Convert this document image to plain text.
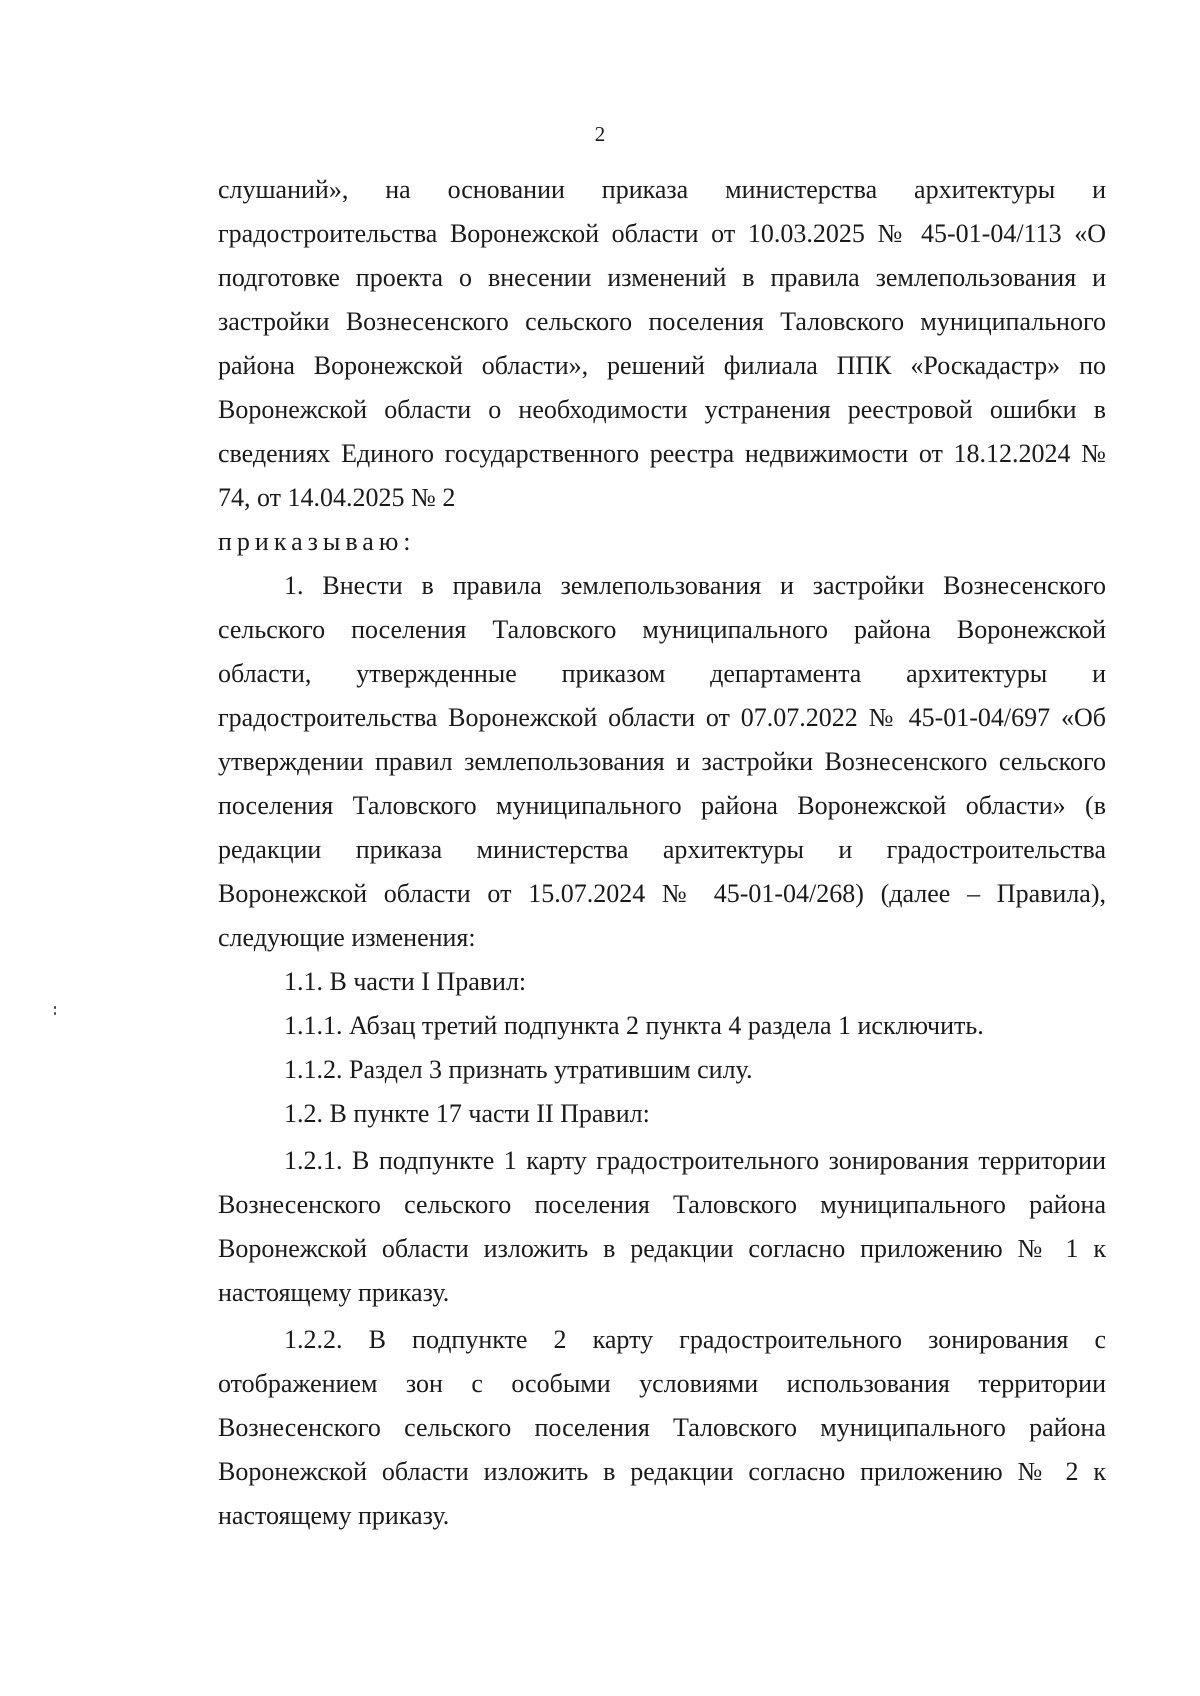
2

слушаний», на основании приказа министерства архитектуры и градостроительства Воронежской области от 10.03.2025 № 45-01-04/113 «О подготовке проекта о внесении изменений в правила землепользования и застройки Вознесенского сельского поселения Таловского муниципального района Воронежской области», решений филиала ППК «Роскадастр» по Воронежской области о необходимости устранения реестровой ошибки в сведениях Единого государственного реестра недвижимости от 18.12.2024 № 74, от 14.04.2025 № 2

приказываю:

1. Внести в правила землепользования и застройки Вознесенского сельского поселения Таловского муниципального района Воронежской области, утвержденные приказом департамента архитектуры и градостроительства Воронежской области от 07.07.2022 № 45-01-04/697 «Об утверждении правил землепользования и застройки Вознесенского сельского поселения Таловского муниципального района Воронежской области» (в редакции приказа министерства архитектуры и градостроительства Воронежской области от 15.07.2024 № 45-01-04/268) (далее – Правила), следующие изменения:

1.1. В части I Правил:

1.1.1. Абзац третий подпункта 2 пункта 4 раздела 1 исключить.

1.1.2. Раздел 3 признать утратившим силу.

1.2. В пункте 17 части II Правил:

1.2.1. В подпункте 1 карту градостроительного зонирования территории Вознесенского сельского поселения Таловского муниципального района Воронежской области изложить в редакции согласно приложению № 1 к настоящему приказу.

1.2.2. В подпункте 2 карту градостроительного зонирования с отображением зон с особыми условиями использования территории Вознесенского сельского поселения Таловского муниципального района Воронежской области изложить в редакции согласно приложению № 2 к настоящему приказу.
